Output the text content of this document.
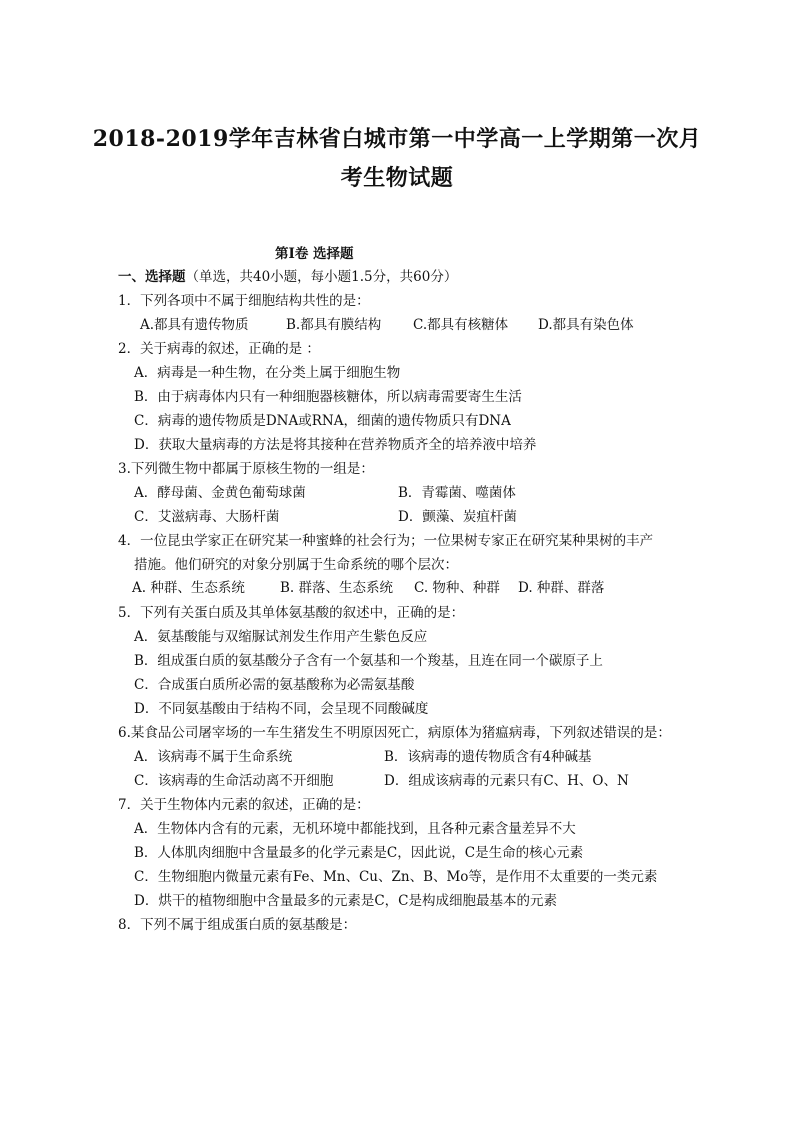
2018-2019学年吉林省白城市第一中学高一上学期第一次月
考生物试题
第Ⅰ卷 选择题
一、选择题（单选，共40小题，每小题1.5分，共60分）
1．下列各项中不属于细胞结构共性的是：
A.都具有遗传物质	B.都具有膜结构 C.都具有核糖体 D.都具有染色体
2．关于病毒的叙述，正确的是 ：
A．病毒是一种生物，在分类上属于细胞生物
B．由于病毒体内只有一种细胞器核糖体，所以病毒需要寄生生活
C．病毒的遗传物质是DNA或RNA，细菌的遗传物质只有DNA
D．获取大量病毒的方法是将其接种在营养物质齐全的培养液中培养
3.下列微生物中都属于原核生物的一组是：
A．酵母菌、金黄色葡萄球菌	B．青霉菌、噬菌体
C．艾滋病毒、大肠杆菌	D．颤藻、炭疽杆菌
4．一位昆虫学家正在研究某一种蜜蜂的社会行为；一位果树专家正在研究某种果树的丰产
措施。他们研究的对象分别属于生命系统的哪个层次：
A. 种群、生态系统	B. 群落、生态系统 C. 物种、种群 D. 种群、群落
5．下列有关蛋白质及其单体氨基酸的叙述中，正确的是：
A．氨基酸能与双缩脲试剂发生作用产生紫色反应
B．组成蛋白质的氨基酸分子含有一个氨基和一个羧基，且连在同一个碳原子上
C．合成蛋白质所必需的氨基酸称为必需氨基酸
D．不同氨基酸由于结构不同，会呈现不同酸碱度
6.某食品公司屠宰场的一车生猪发生不明原因死亡，病原体为猪瘟病毒，下列叙述错误的是：
A．该病毒不属于生命系统	B．该病毒的遗传物质含有4种碱基
C．该病毒的生命活动离不开细胞	D．组成该病毒的元素只有C、H、O、N
7．关于生物体内元素的叙述，正确的是：
A．生物体内含有的元素，无机环境中都能找到，且各种元素含量差异不大
B．人体肌肉细胞中含量最多的化学元素是C，因此说，C是生命的核心元素
C．生物细胞内微量元素有Fe、Mn、Cu、Zn、B、Mo等，是作用不太重要的一类元素
D．烘干的植物细胞中含量最多的元素是C，C是构成细胞最基本的元素
8．下列不属于组成蛋白质的氨基酸是：
